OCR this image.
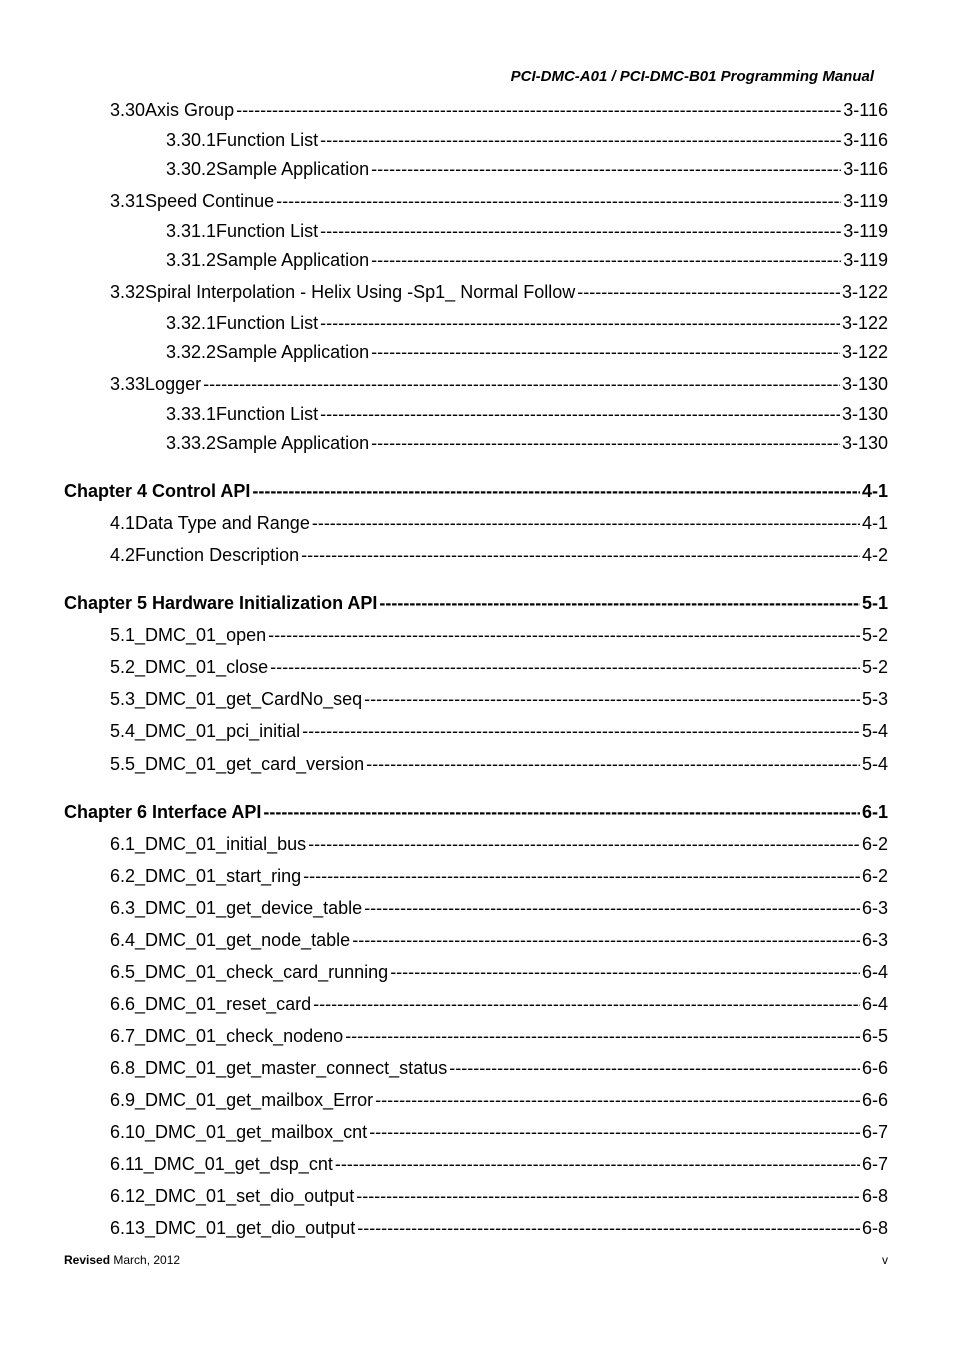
PCI-DMC-A01 / PCI-DMC-B01 Programming Manual
3.30 Axis Group -----	3-116
3.30.1 Function List -----	3-116
3.30.2 Sample Application -----	3-116
3.31 Speed Continue -----	3-119
3.31.1 Function List -----	3-119
3.31.2 Sample Application -----	3-119
3.32 Spiral Interpolation - Helix Using -Sp1_ Normal Follow -----	3-122
3.32.1 Function List -----	3-122
3.32.2 Sample Application -----	3-122
3.33 Logger -----	3-130
3.33.1 Function List -----	3-130
3.33.2 Sample Application -----	3-130
Chapter 4 Control API -----	4-1
4.1 Data Type and Range -----	4-1
4.2 Function Description -----	4-2
Chapter 5 Hardware Initialization API -----	5-1
5.1 _DMC_01_open -----	5-2
5.2 _DMC_01_close -----	5-2
5.3 _DMC_01_get_CardNo_seq -----	5-3
5.4 _DMC_01_pci_initial -----	5-4
5.5 _DMC_01_get_card_version -----	5-4
Chapter 6 Interface API -----	6-1
6.1 _DMC_01_initial_bus -----	6-2
6.2 _DMC_01_start_ring -----	6-2
6.3 _DMC_01_get_device_table -----	6-3
6.4 _DMC_01_get_node_table -----	6-3
6.5 _DMC_01_check_card_running -----	6-4
6.6 _DMC_01_reset_card -----	6-4
6.7 _DMC_01_check_nodeno -----	6-5
6.8 _DMC_01_get_master_connect_status -----	6-6
6.9 _DMC_01_get_mailbox_Error -----	6-6
6.10 _DMC_01_get_mailbox_cnt -----	6-7
6.11 _DMC_01_get_dsp_cnt -----	6-7
6.12 _DMC_01_set_dio_output -----	6-8
6.13 _DMC_01_get_dio_output -----	6-8
Revised March, 2012	v
